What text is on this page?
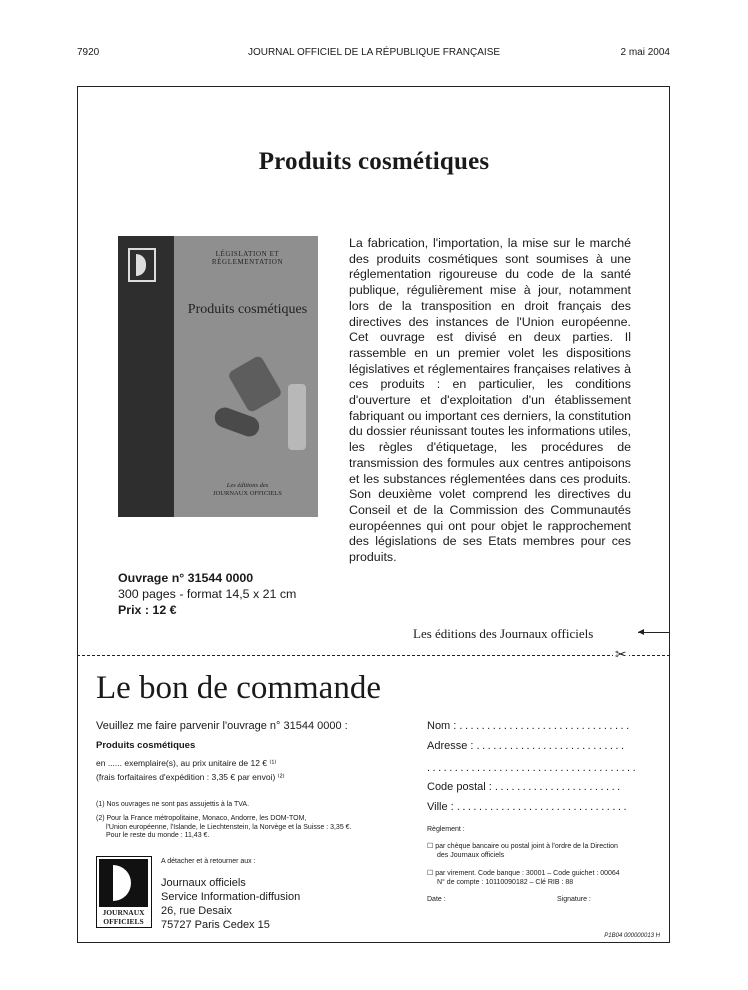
7920	JOURNAL OFFICIEL DE LA RÉPUBLIQUE FRANÇAISE	2 mai 2004
Produits cosmétiques
LÉGISLATION ET RÉGLEMENTATION
Produits cosmétiques
Les éditions des
JOURNAUX OFFICIELS
La fabrication, l'importation, la mise sur le marché des produits cosmétiques sont soumises à une réglementation rigoureuse du code de la santé publique, régulièrement mise à jour, notamment lors de la transposition en droit français des directives des instances de l'Union européenne. Cet ouvrage est divisé en deux parties. Il rassemble en un premier volet les dispositions législatives et réglementaires françaises relatives à ces produits : en particulier, les conditions d'ouverture et d'exploitation d'un établissement fabriquant ou important ces derniers, la constitution du dossier réunissant toutes les informations utiles, les règles d'étiquetage, les procédures de transmission des formules aux centres antipoisons et les substances réglementées dans ces produits. Son deuxième volet comprend les directives du Conseil et de la Commission des Communautés européennes qui ont pour objet le rapprochement des législations de ses Etats membres pour ces produits.
Ouvrage n° 31544 0000
300 pages - format 14,5 x 21 cm
Prix : 12 €
Les éditions des Journaux officiels
✂
Le bon de commande
Veuillez me faire parvenir l'ouvrage n° 31544 0000 :
Produits cosmétiques
en ...... exemplaire(s), au prix unitaire de 12 € ⁽¹⁾
(frais forfaitaires d'expédition : 3,35 € par envoi) ⁽²⁾
(1) Nos ouvrages ne sont pas assujettis à la TVA.
(2) Pour la France métropolitaine, Monaco, Andorre, les DOM-TOM,
l'Union européenne, l'Islande, le Liechtenstein, la Norvège et la Suisse : 3,35 €.
Pour le reste du monde : 11,43 €.
JOURNAUX
OFFICIELS
A détacher et à retourner aux :
Journaux officiels
Service Information-diffusion
26, rue Desaix
75727 Paris Cedex 15
Nom : ...............................
Adresse : ...........................
......................................
Code postal : .......................
Ville : ...............................
Règlement :
☐ par chèque bancaire ou postal joint à l'ordre de la Direction
des Journaux officiels
☐ par virement. Code banque : 30001 – Code guichet : 00064
N° de compte : 10110090182 – Clé RIB : 88
Date :	Signature :
P1B04 000000013 H
